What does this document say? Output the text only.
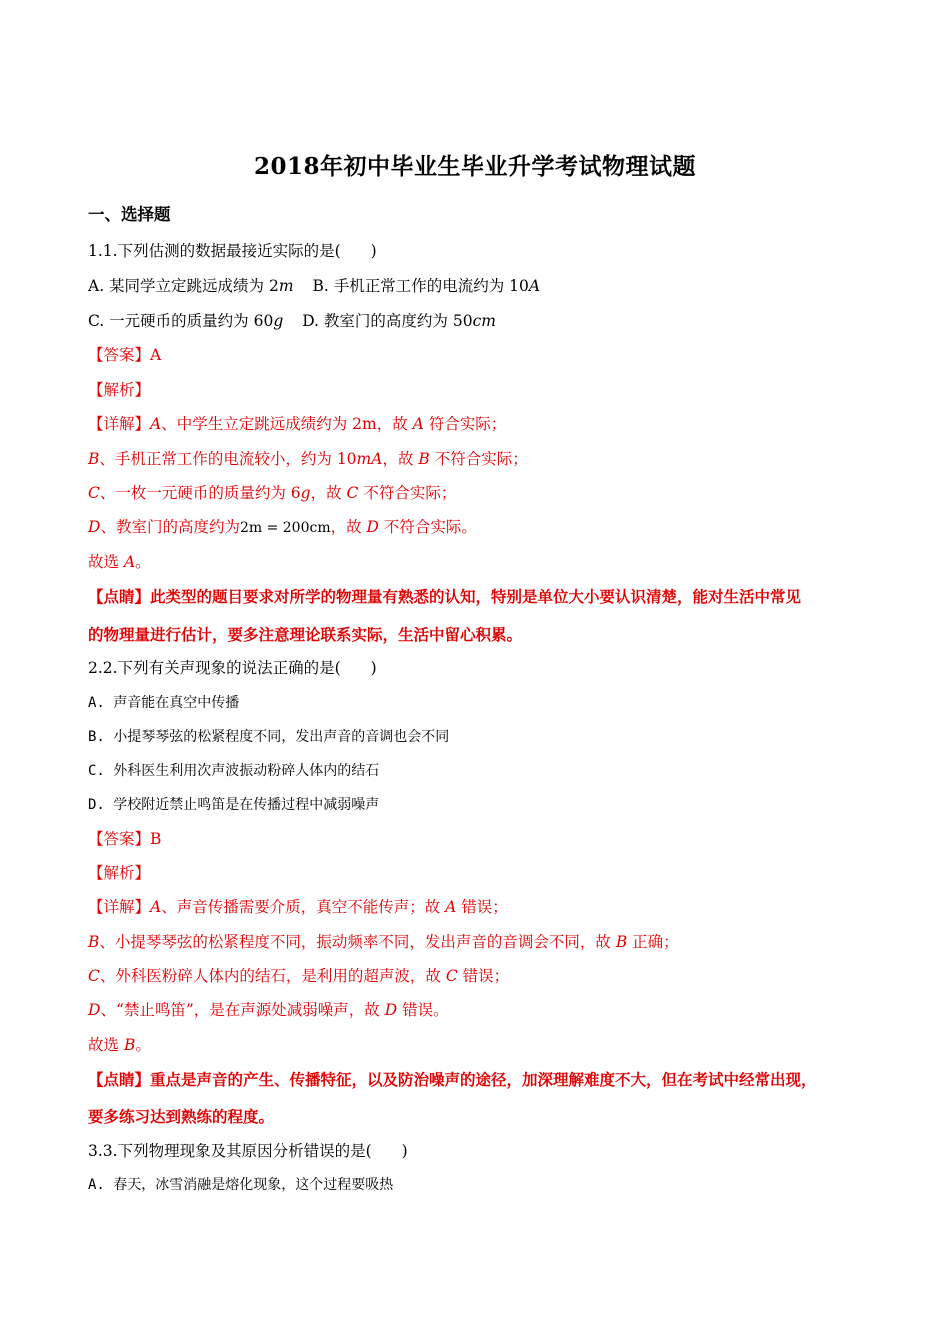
2018年初中毕业生毕业升学考试物理试题
一、选择题
1.1.下列估测的数据最接近实际的是( )
A. 某同学立定跳远成绩为 2m B. 手机正常工作的电流约为 10A
C. 一元硬币的质量约为 60g D. 教室门的高度约为 50cm
【答案】A
【解析】
【详解】A、中学生立定跳远成绩约为 2m，故 A 符合实际；
B、手机正常工作的电流较小，约为 10mA，故 B 不符合实际；
C、一枚一元硬币的质量约为 6g，故 C 不符合实际；
D、教室门的高度约为2m = 200cm，故 D 不符合实际。
故选 A。
【点睛】此类型的题目要求对所学的物理量有熟悉的认知，特别是单位大小要认识清楚，能对生活中常见
的物理量进行估计，要多注意理论联系实际，生活中留心积累。
2.2.下列有关声现象的说法正确的是( )
A. 声音能在真空中传播
B. 小提琴琴弦的松紧程度不同，发出声音的音调也会不同
C. 外科医生利用次声波振动粉碎人体内的结石
D. 学校附近禁止鸣笛是在传播过程中减弱噪声
【答案】B
【解析】
【详解】A、声音传播需要介质，真空不能传声；故 A 错误；
B、小提琴琴弦的松紧程度不同，振动频率不同，发出声音的音调会不同，故 B 正确；
C、外科医粉碎人体内的结石，是利用的超声波，故 C 错误；
D、“禁止鸣笛”，是在声源处减弱噪声，故 D 错误。
故选 B。
【点睛】重点是声音的产生、传播特征，以及防治噪声的途径，加深理解难度不大，但在考试中经常出现，
要多练习达到熟练的程度。
3.3.下列物理现象及其原因分析错误的是( )
A. 春天，冰雪消融是熔化现象，这个过程要吸热
